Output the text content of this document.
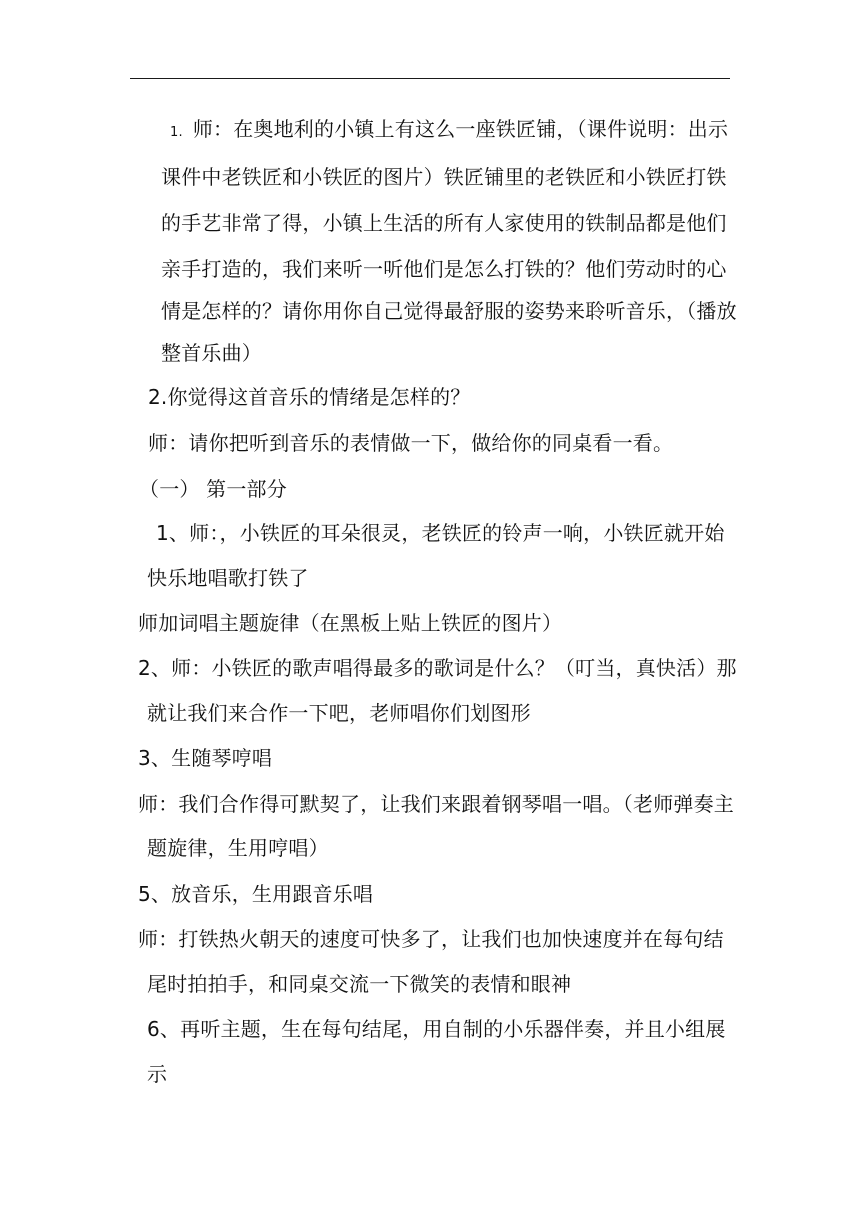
1. 师：在奥地利的小镇上有这么一座铁匠铺，（课件说明：出示
课件中老铁匠和小铁匠的图片）铁匠铺里的老铁匠和小铁匠打铁
的手艺非常了得，小镇上生活的所有人家使用的铁制品都是他们
亲手打造的，我们来听一听他们是怎么打铁的？他们劳动时的心
情是怎样的？请你用你自己觉得最舒服的姿势来聆听音乐，（播放
整首乐曲）
2.你觉得这首音乐的情绪是怎样的？
师：请你把听到音乐的表情做一下，做给你的同桌看一看。
（一） 第一部分
1、师：，小铁匠的耳朵很灵，老铁匠的铃声一响，小铁匠就开始
快乐地唱歌打铁了
师加词唱主题旋律（在黑板上贴上铁匠的图片）
2、师：小铁匠的歌声唱得最多的歌词是什么？（叮当，真快活）那
就让我们来合作一下吧，老师唱你们划图形
3、生随琴哼唱
师：我们合作得可默契了，让我们来跟着钢琴唱一唱。（老师弹奏主
题旋律，生用哼唱）
5、放音乐，生用跟音乐唱
师：打铁热火朝天的速度可快多了，让我们也加快速度并在每句结
尾时拍拍手，和同桌交流一下微笑的表情和眼神
6、再听主题，生在每句结尾，用自制的小乐器伴奏，并且小组展
示
